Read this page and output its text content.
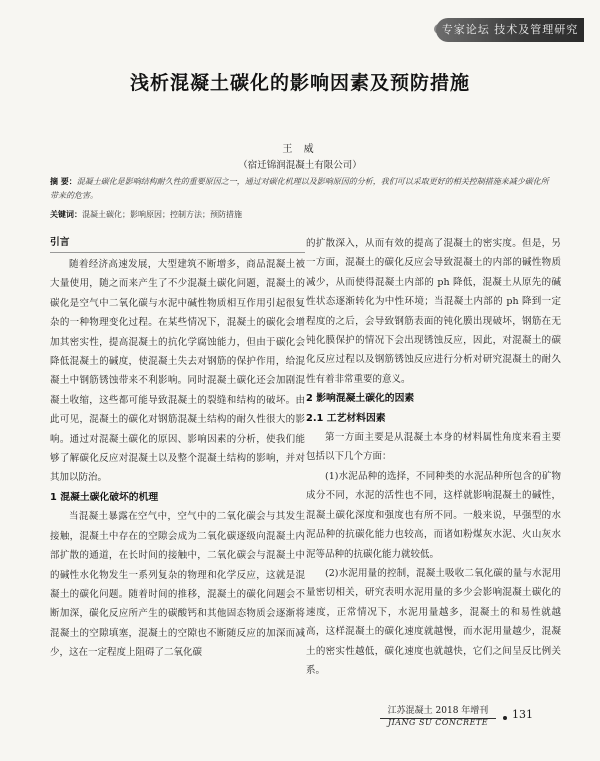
专家论坛 技术及管理研究
浅析混凝土碳化的影响因素及预防措施
王 威
（宿迁锦润混凝土有限公司）
摘 要：混凝土碳化是影响结构耐久性的重要原因之一，通过对碳化机理以及影响原因的分析，我们可以采取更好的相关控制措施来减少碳化所带来的危害。
关键词：混凝土碳化；影响原因；控制方法；预防措施
引言

随着经济高速发展，大型建筑不断增多，商品混凝土被大量使用，随之而来产生了不少混凝土碳化问题，混凝土的碳化是空气中二氧化碳与水泥中碱性物质相互作用引起很复杂的一种物理变化过程。在某些情况下，混凝土的碳化会增加其密实性，提高混凝土的抗化学腐蚀能力，但由于碳化会降低混凝土的碱度，使混凝土失去对钢筋的保护作用，给混凝土中钢筋锈蚀带来不利影响。同时混凝土碳化还会加剧混凝土收缩，这些都可能导致混凝土的裂缝和结构的破坏。由此可见，混凝土的碳化对钢筋混凝土结构的耐久性很大的影响。通过对混凝土碳化的原因、影响因素的分析，使我们能够了解碳化反应对混凝土以及整个混凝土结构的影响，并对其加以防治。

1 混凝土碳化破坏的机理

当混凝土暴露在空气中，空气中的二氧化碳会与其发生接触，混凝土中存在的空隙会成为二氧化碳逐级向混凝土内部扩散的通道，在长时间的接触中，二氧化碳会与混凝土中的碱性水化物发生一系列复杂的物理和化学反应，这就是混凝土的碳化问题。随着时间的推移，混凝土的碳化问题会不断加深，碳化反应所产生的碳酸钙和其他固态物质会逐渐将混凝土的空隙填塞，混凝土的空隙也不断随反应的加深而减少，这在一定程度上阻碍了二氧化碳

的扩散深入，从而有效的提高了混凝土的密实度。但是，另一方面，混凝土的碳化反应会导致混凝土的内部的碱性物质减少，从而使得混凝土内部的 ph 降低，混凝土从原先的碱性状态逐渐转化为中性环境；当混凝土内部的 ph 降到一定程度的之后，会导致钢筋表面的钝化膜出现破坏，钢筋在无钝化膜保护的情况下会出现锈蚀反应，因此，对混凝土的碳化反应过程以及钢筋锈蚀反应进行分析对研究混凝土的耐久性有着非常重要的意义。

2 影响混凝土碳化的因素
2.1 工艺材料因素

第一方面主要是从混凝土本身的材料属性角度来看主要包括以下几个方面：

(1)水泥品种的选择，不同种类的水泥品种所包含的矿物成分不同，水泥的活性也不同，这样就影响混凝土的碱性，混凝土碳化深度和强度也有所不同。一般来说，早强型的水泥品种的抗碳化能力也较高，而诸如粉煤灰水泥、火山灰水泥等品种的抗碳化能力就较低。

(2)水泥用量的控制，混凝土吸收二氧化碳的量与水泥用量密切相关，研究表明水泥用量的多少会影响混凝土碳化的速度，正常情况下，水泥用量越多，混凝土的和易性就越高，这样混凝土的碳化速度就越慢，而水泥用量越少，混凝土的密实性越低，碳化速度也就越快，它们之间呈反比例关系。

江苏混凝土 2018 年增刊
JIANG SU CONCRETE
131
